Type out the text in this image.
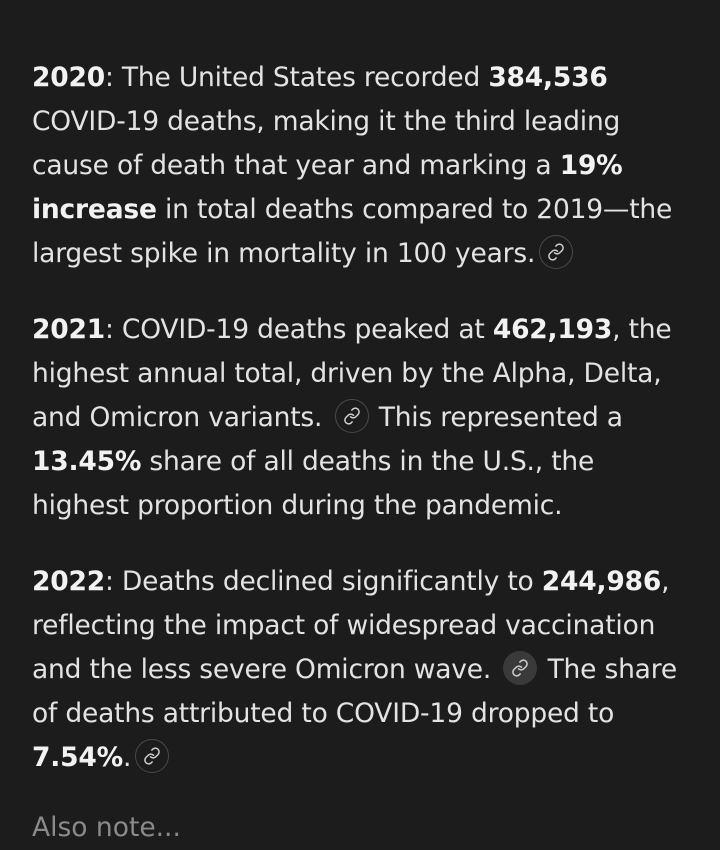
2020: The United States recorded 384,536 COVID-19 deaths, making it the third leading cause of death that year and marking a 19% increase in total deaths compared to 2019—the largest spike in mortality in 100 years.

2021: COVID-19 deaths peaked at 462,193, the highest annual total, driven by the Alpha, Delta, and Omicron variants.
This represented a 13.45% share of all deaths in the U.S., the highest proportion during the pandemic.

2022: Deaths declined significantly to 244,986, reflecting the impact of widespread vaccination and the less severe Omicron wave.
The share of deaths attributed to COVID-19 dropped to 7.54%.

Also note...
